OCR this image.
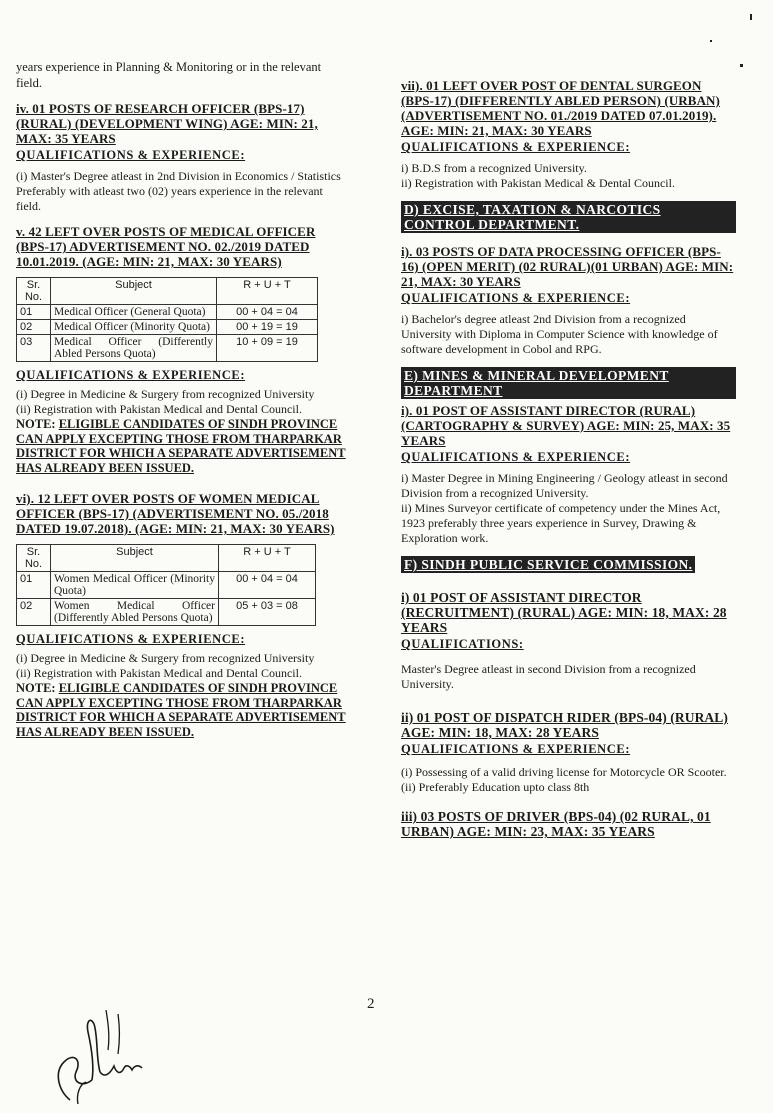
years experience in Planning & Monitoring or in the relevant field.

iv. 01 POSTS OF RESEARCH OFFICER (BPS-17) (RURAL) (DEVELOPMENT WING) AGE: MIN: 21, MAX: 35 YEARS

QUALIFICATIONS & EXPERIENCE:

(i) Master's Degree atleast in 2nd Division in Economics / Statistics Preferably with atleast two (02) years experience in the relevant field.

v. 42 LEFT OVER POSTS OF MEDICAL OFFICER (BPS-17) ADVERTISEMENT NO. 02./2019 DATED 10.01.2019. (AGE: MIN: 21, MAX: 30 YEARS)

Sr. No.	Subject	R + U + T
01	Medical Officer (General Quota)	00 + 04 = 04
02	Medical Officer (Minority Quota)	00 + 19 = 19
03	Medical Officer (Differently Abled Persons Quota)	10 + 09 = 19

QUALIFICATIONS & EXPERIENCE:

(i) Degree in Medicine & Surgery from recognized University

(ii) Registration with Pakistan Medical and Dental Council.

NOTE: ELIGIBLE CANDIDATES OF SINDH PROVINCE CAN APPLY EXCEPTING THOSE FROM THARPARKAR DISTRICT FOR WHICH A SEPARATE ADVERTISEMENT HAS ALREADY BEEN ISSUED.

vi). 12 LEFT OVER POSTS OF WOMEN MEDICAL OFFICER (BPS-17) (ADVERTISEMENT NO. 05./2018 DATED 19.07.2018). (AGE: MIN: 21, MAX: 30 YEARS)

Sr. No.	Subject	R + U + T
01	Women Medical Officer (Minority Quota)	00 + 04 = 04
02	Women Medical Officer (Differently Abled Persons Quota)	05 + 03 = 08

QUALIFICATIONS & EXPERIENCE:

(i) Degree in Medicine & Surgery from recognized University

(ii) Registration with Pakistan Medical and Dental Council.

NOTE: ELIGIBLE CANDIDATES OF SINDH PROVINCE CAN APPLY EXCEPTING THOSE FROM THARPARKAR DISTRICT FOR WHICH A SEPARATE ADVERTISEMENT HAS ALREADY BEEN ISSUED.

vii). 01 LEFT OVER POST OF DENTAL SURGEON (BPS-17) (DIFFERENTLY ABLED PERSON) (URBAN) (ADVERTISEMENT NO. 01./2019 DATED 07.01.2019). AGE: MIN: 21, MAX: 30 YEARS

QUALIFICATIONS & EXPERIENCE:

i) B.D.S from a recognized University.

ii) Registration with Pakistan Medical & Dental Council.

D) EXCISE, TAXATION & NARCOTICS CONTROL DEPARTMENT.

i). 03 POSTS OF DATA PROCESSING OFFICER (BPS-16) (OPEN MERIT) (02 RURAL)(01 URBAN) AGE: MIN: 21, MAX: 30 YEARS

QUALIFICATIONS & EXPERIENCE:

i) Bachelor's degree atleast 2nd Division from a recognized University with Diploma in Computer Science with knowledge of software development in Cobol and RPG.

E) MINES & MINERAL DEVELOPMENT DEPARTMENT

i). 01 POST OF ASSISTANT DIRECTOR (RURAL) (CARTOGRAPHY & SURVEY) AGE: MIN: 25, MAX: 35 YEARS

QUALIFICATIONS & EXPERIENCE:

i) Master Degree in Mining Engineering / Geology atleast in second Division from a recognized University.

ii) Mines Surveyor certificate of competency under the Mines Act, 1923 preferably three years experience in Survey, Drawing & Exploration work.

F) SINDH PUBLIC SERVICE COMMISSION.

i) 01 POST OF ASSISTANT DIRECTOR (RECRUITMENT) (RURAL) AGE: MIN: 18, MAX: 28 YEARS

QUALIFICATIONS:

Master's Degree atleast in second Division from a recognized University.

ii) 01 POST OF DISPATCH RIDER (BPS-04) (RURAL) AGE: MIN: 18, MAX: 28 YEARS

QUALIFICATIONS & EXPERIENCE:

(i) Possessing of a valid driving license for Motorcycle OR Scooter.

(ii) Preferably Education upto class 8th

iii) 03 POSTS OF DRIVER (BPS-04) (02 RURAL, 01 URBAN) AGE: MIN: 23, MAX: 35 YEARS

2
